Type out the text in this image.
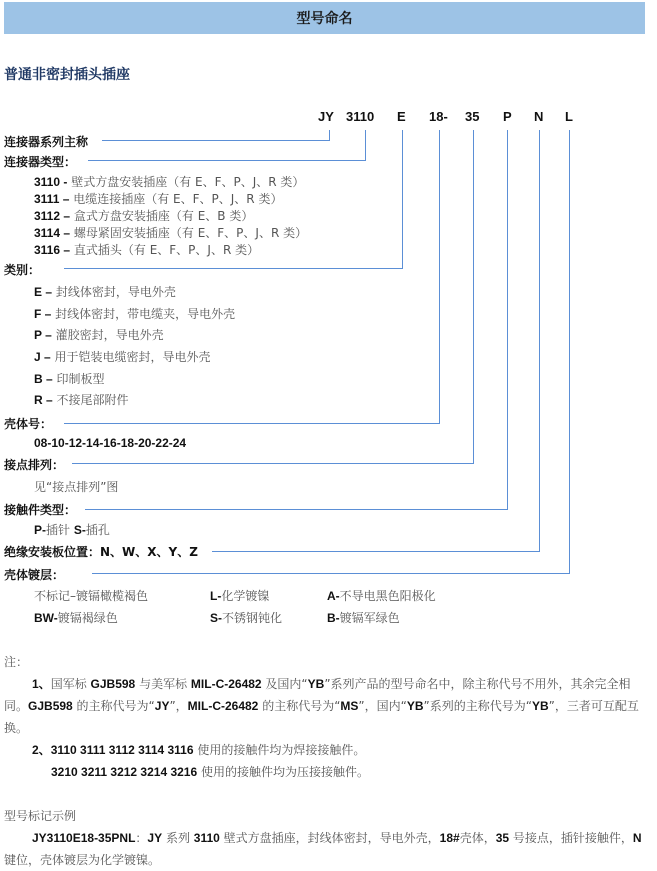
型号命名
普通非密封插头插座
JY 3110 E 18- 35 P N L
连接器系列主称
连接器类型：
3110 - 壁式方盘安装插座（有 E、F、P、J、R 类）
3111 – 电缆连接插座（有 E、F、P、J、R 类）
3112 – 盒式方盘安装插座（有 E、B 类）
3114 – 螺母紧固安装插座（有 E、F、P、J、R 类）
3116 – 直式插头（有 E、F、P、J、R 类）
类别：
E – 封线体密封，导电外壳
F – 封线体密封，带电缆夹，导电外壳
P – 灌胶密封，导电外壳
J – 用于铠装电缆密封，导电外壳
B – 印制板型
R – 不接尾部附件
壳体号：
08-10-12-14-16-18-20-22-24
接点排列：
见“接点排列”图
接触件类型：
P-插针 S-插孔
绝缘安装板位置：N、W、X、Y、Z
壳体镀层：
不标记–镀镉橄榄褐色	L-化学镀镍	A-不导电黑色阳极化
BW-镀镉褐绿色	S-不锈钢钝化	B-镀镉军绿色
注：
1、国军标 GJB598 与美军标 MIL-C-26482 及国内“YB”系列产品的型号命名中，除主称代号不用外，其余完全相同。GJB598 的主称代号为“JY”，MIL-C-26482 的主称代号为“MS”，国内“YB”系列的主称代号为“YB”，三者可互配互换。
2、3110 3111 3112 3114 3116 使用的接触件均为焊接接触件。
3210 3211 3212 3214 3216 使用的接触件均为压接接触件。
型号标记示例
JY3110E18-35PNL：JY 系列 3110 壁式方盘插座，封线体密封，导电外壳，18#壳体，35 号接点，插针接触件，N键位，壳体镀层为化学镀镍。
